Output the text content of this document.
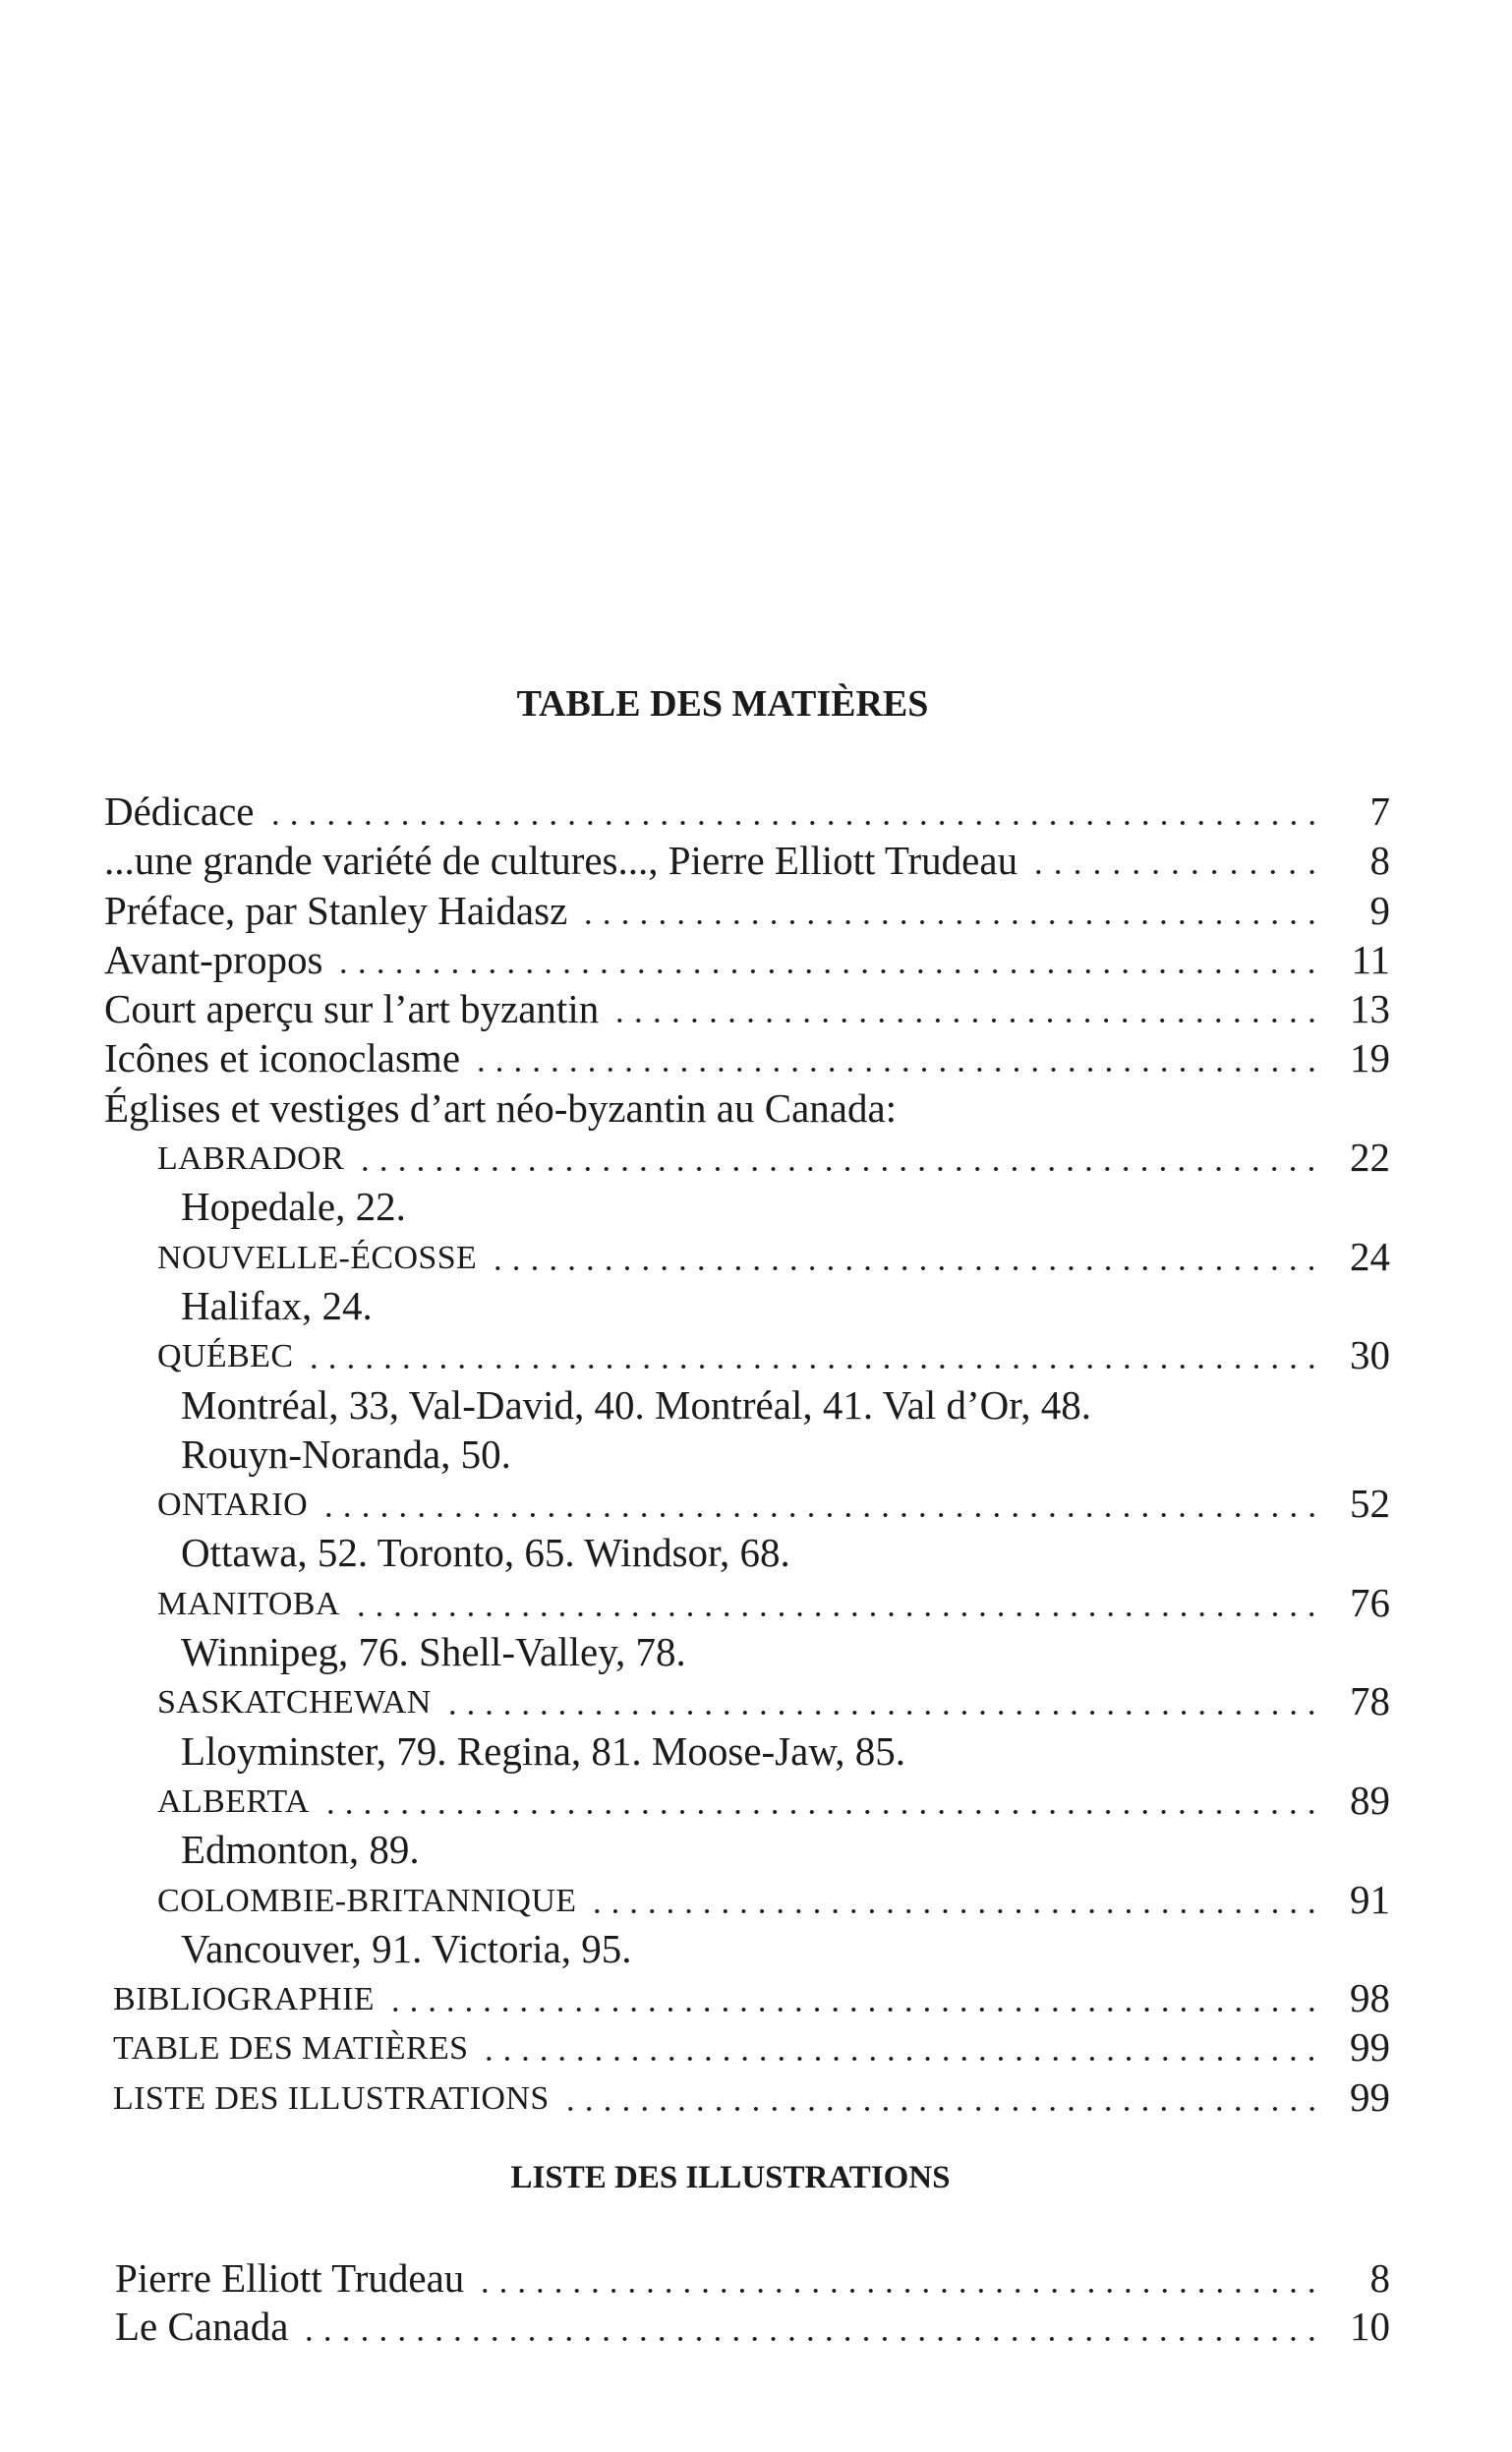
TABLE DES MATIÈRES
Dédicace	7
...une grande variété de cultures..., Pierre Elliott Trudeau	8
Préface, par Stanley Haidasz	9
Avant-propos	11
Court aperçu sur l’art byzantin	13
Icônes et iconoclasme	19
Églises et vestiges d’art néo-byzantin au Canada:
LABRADOR	22
Hopedale, 22.
NOUVELLE-ÉCOSSE	24
Halifax, 24.
QUÉBEC	30
Montréal, 33, Val-David, 40. Montréal, 41. Val d’Or, 48.
Rouyn-Noranda, 50.
ONTARIO	52
Ottawa, 52. Toronto, 65. Windsor, 68.
MANITOBA	76
Winnipeg, 76. Shell-Valley, 78.
SASKATCHEWAN	78
Lloyminster, 79. Regina, 81. Moose-Jaw, 85.
ALBERTA	89
Edmonton, 89.
COLOMBIE-BRITANNIQUE	91
Vancouver, 91. Victoria, 95.
BIBLIOGRAPHIE	98
TABLE DES MATIÈRES	99
LISTE DES ILLUSTRATIONS	99
LISTE DES ILLUSTRATIONS
Pierre Elliott Trudeau	8
Le Canada	10
